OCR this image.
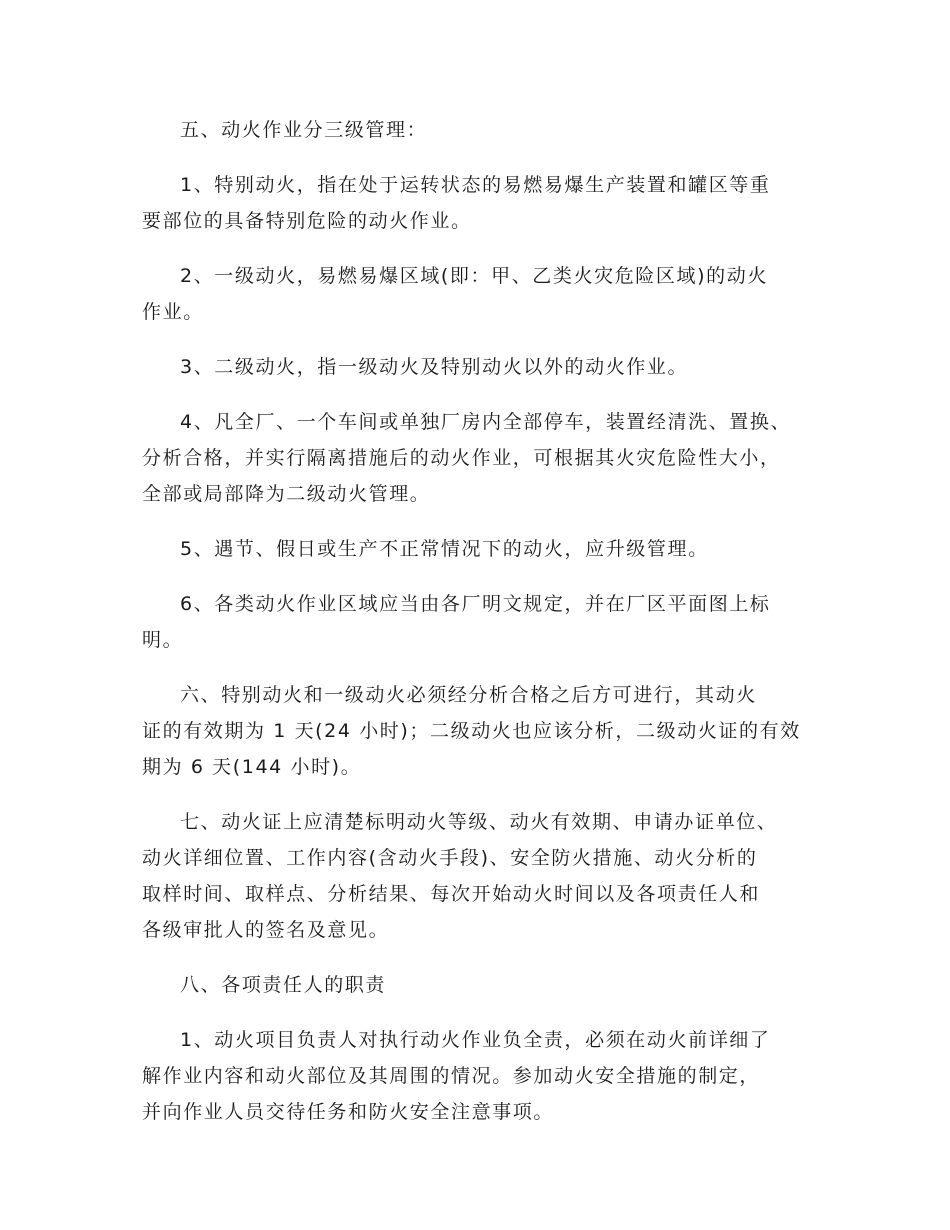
五、动火作业分三级管理：

1、特别动火，指在处于运转状态的易燃易爆生产装置和罐区等重
要部位的具备特别危险的动火作业。

2、一级动火，易燃易爆区域(即：甲、乙类火灾危险区域)的动火
作业。

3、二级动火，指一级动火及特别动火以外的动火作业。

4、凡全厂、一个车间或单独厂房内全部停车，装置经清洗、置换、
分析合格，并实行隔离措施后的动火作业，可根据其火灾危险性大小，
全部或局部降为二级动火管理。

5、遇节、假日或生产不正常情况下的动火，应升级管理。

6、各类动火作业区域应当由各厂明文规定，并在厂区平面图上标
明。

六、特别动火和一级动火必须经分析合格之后方可进行，其动火
证的有效期为 1 天(24 小时)；二级动火也应该分析，二级动火证的有效
期为 6 天(144 小时)。

七、动火证上应清楚标明动火等级、动火有效期、申请办证单位、
动火详细位置、工作内容(含动火手段)、安全防火措施、动火分析的
取样时间、取样点、分析结果、每次开始动火时间以及各项责任人和
各级审批人的签名及意见。

八、各项责任人的职责

1、动火项目负责人对执行动火作业负全责，必须在动火前详细了
解作业内容和动火部位及其周围的情况。参加动火安全措施的制定，
并向作业人员交待任务和防火安全注意事项。
